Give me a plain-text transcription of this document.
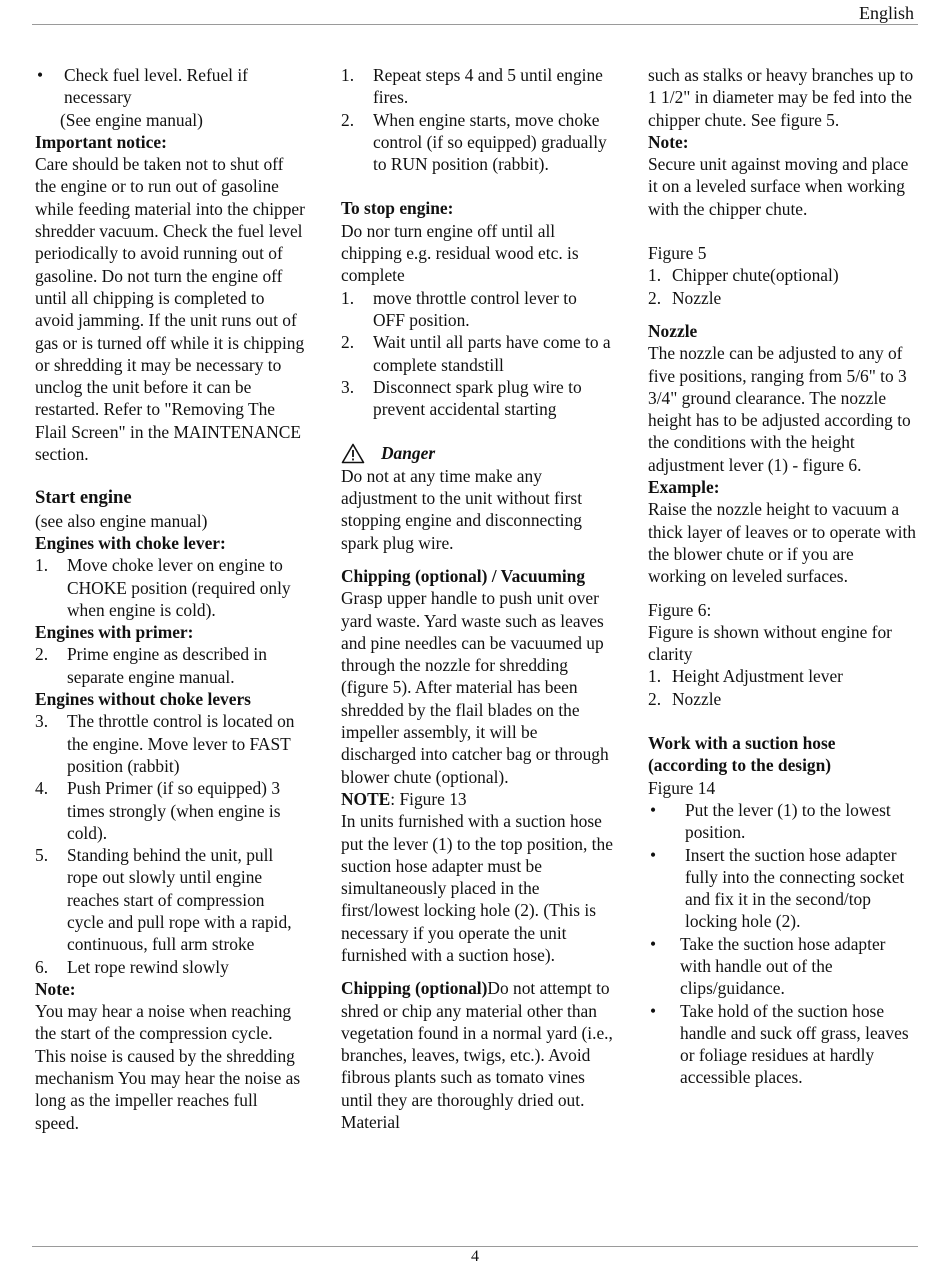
English
• Check fuel level. Refuel if necessary

(See engine manual)

Important notice:

Care should be taken not to shut off the engine or to run out of gasoline while feeding material into the chipper shredder vacuum. Check the fuel level periodically to avoid running out of gasoline. Do not turn the engine off until all chipping is completed to avoid jamming. If the unit runs out of gas or is turned off while it is chipping or shredding it may be necessary to unclog the unit before it can be restarted. Refer to "Removing The Flail Screen" in the MAINTENANCE section.

Start engine

(see also engine manual)

Engines with choke lever:

1. Move choke lever on engine to CHOKE position (required only when engine is cold).

Engines with primer:

2. Prime engine as described in separate engine manual.

Engines without choke levers

3. The throttle control is located on the engine. Move lever to FAST position (rabbit)

4. Push Primer (if so equipped) 3 times strongly (when engine is cold).

5. Standing behind the unit, pull rope out slowly until engine reaches start of compression cycle and pull rope with a rapid, continuous, full arm stroke

6. Let rope rewind slowly

Note:

You may hear a noise when reaching the start of the compression cycle. This noise is caused by the shredding mechanism You may hear the noise as long as the impeller reaches full speed.

1. Repeat steps 4 and 5 until engine fires.

2. When engine starts, move choke control (if so equipped) gradually to RUN position (rabbit).

To stop engine:

Do nor turn engine off until all chipping e.g. residual wood etc. is complete

1. move throttle control lever to OFF position.

2. Wait until all parts have come to a complete standstill

3. Disconnect spark plug wire to prevent accidental starting

Danger

Do not at any time make any adjustment to the unit without first stopping engine and disconnecting spark plug wire.

Chipping (optional) / Vacuuming

Grasp upper handle to push unit over yard waste. Yard waste such as leaves and pine needles can be vacuumed up through the nozzle for shredding (figure 5). After material has been shredded by the flail blades on the impeller assembly, it will be discharged into catcher bag or through blower chute (optional).

NOTE: Figure 13

In units furnished with a suction hose put the lever (1) to the top position, the suction hose adapter must be simultaneously placed in the first/lowest locking hole (2). (This is necessary if you operate the unit furnished with a suction hose).

Chipping (optional)Do not attempt to shred or chip any material other than vegetation found in a normal yard (i.e., branches, leaves, twigs, etc.). Avoid fibrous plants such as tomato vines until they are thoroughly dried out. Material

such as stalks or heavy branches up to 1 1/2" in diameter may be fed into the chipper chute. See figure 5.

Note:

Secure unit against moving and place it on a leveled surface when working with the chipper chute.

Figure 5

1. Chipper chute(optional)

2. Nozzle

Nozzle

The nozzle can be adjusted to any of five positions, ranging from 5/6" to 3 3/4" ground clearance. The nozzle height has to be adjusted according to the conditions with the height adjustment lever (1) - figure 6.

Example:

Raise the nozzle height to vacuum a thick layer of leaves or to operate with the blower chute or if you are working on leveled surfaces.

Figure 6:

Figure is shown without engine for clarity

1. Height Adjustment lever

2. Nozzle

Work with a suction hose (according to the design)

Figure 14

• Put the lever (1) to the lowest position.

• Insert the suction hose adapter fully into the connecting socket and fix it in the second/top locking hole (2).

• Take the suction hose adapter with handle out of the clips/guidance.

• Take hold of the suction hose handle and suck off grass, leaves or foliage residues at hardly accessible places.

4
